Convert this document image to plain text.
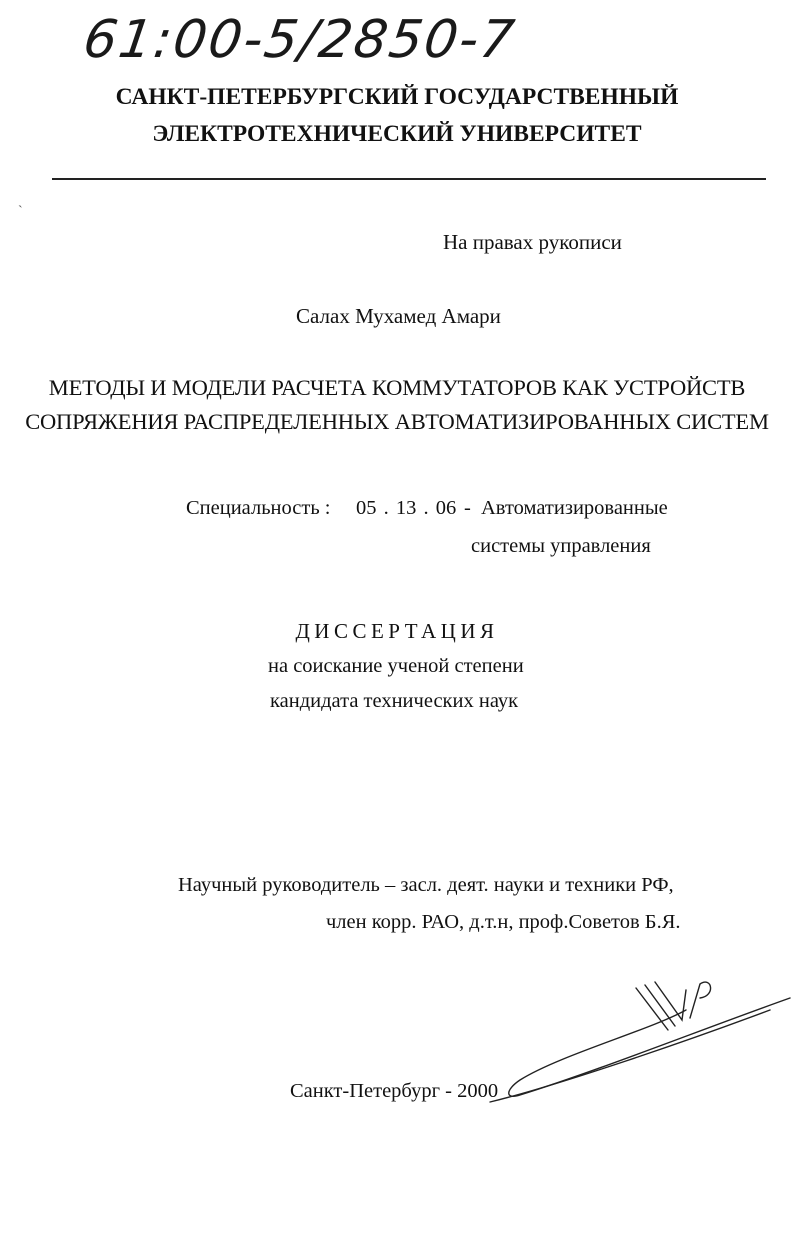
61:00-5/2850-7
САНКТ-ПЕТЕРБУРГСКИЙ ГОСУДАРСТВЕННЫЙ
ЭЛЕКТРОТЕХНИЧЕСКИЙ УНИВЕРСИТЕТ
ˋ
На правах рукописи
Салах Мухамед Амари
МЕТОДЫ И МОДЕЛИ РАСЧЕТА КОММУТАТОРОВ КАК УСТРОЙСТВ
СОПРЯЖЕНИЯ РАСПРЕДЕЛЕННЫХ АВТОМАТИЗИРОВАННЫХ СИСТЕМ
Специальность : 05 . 13 . 06 - Автоматизированные
системы управления
ДИССЕРТАЦИЯ
на соискание ученой степени
кандидата технических наук
Научный руководитель – засл. деят. науки и техники РФ,
член корр. РАО, д.т.н, проф.Советов Б.Я.
Санкт-Петербург - 2000
